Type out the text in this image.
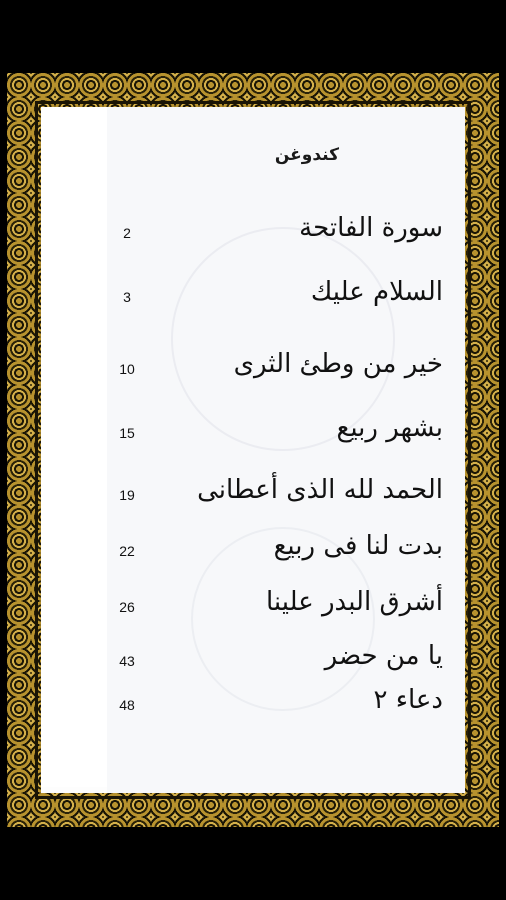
كندوغن
2	سورة الفاتحة
3	السلام عليك
10	خير من وطئ الثرى
15	بشهر ربيع
19 الحمد لله الذى أعطانى
22	بدت لنا فى ربيع
26	أشرق البدر علينا
43	يا من حضر
48	دعاء ٢
